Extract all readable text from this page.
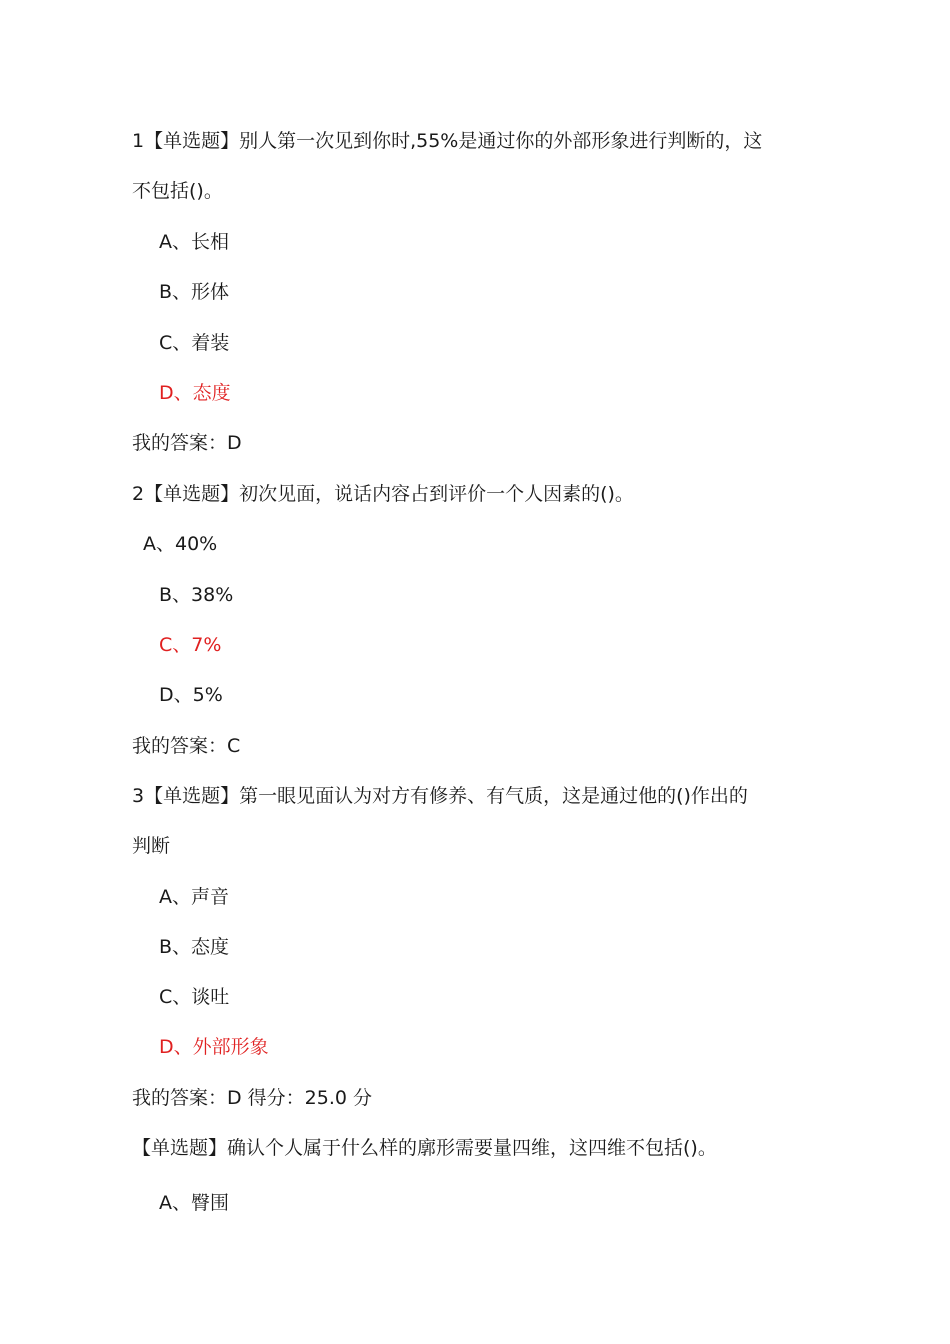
1【单选题】别人第一次见到你时,55%是通过你的外部形象进行判断的，这
不包括()。
A、长相
B、形体
C、着装
D、态度
我的答案：D
2【单选题】初次见面，说话内容占到评价一个人因素的()。
A、40%
B、38%
C、7%
D、5%
我的答案：C
3【单选题】第一眼见面认为对方有修养、有气质，这是通过他的()作出的
判断
A、声音
B、态度
C、谈吐
D、外部形象
我的答案：D 得分：25.0 分
【单选题】确认个人属于什么样的廓形需要量四维，这四维不包括()。
A、臀围
